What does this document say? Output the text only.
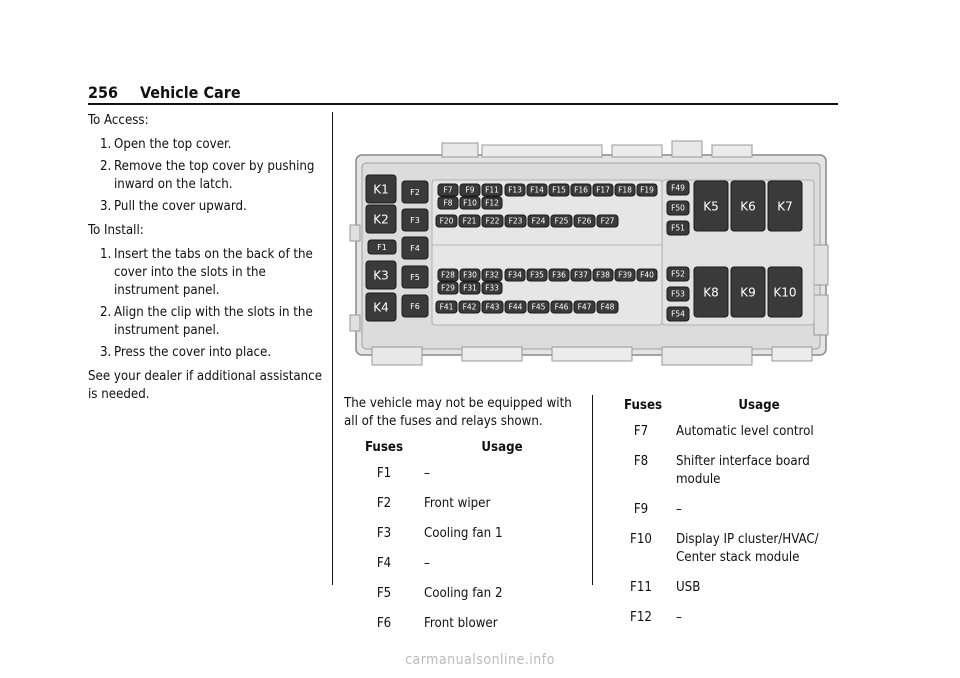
256 Vehicle Care

To Access:

1. Open the top cover.
2. Remove the top cover by pushing inward on the latch.
3. Pull the cover upward.

To Install:

1. Insert the tabs on the back of the cover into the slots in the instrument panel.
2. Align the clip with the slots in the instrument panel.
3. Press the cover into place.

See your dealer if additional assistance is needed.

K1
K2
K3
K4
F1
F2
F3
F4
F5
F6
F7 F9 F11 F13 F14 F15 F16 F17 F18 F19
F8 F10 F12
F20 F21 F22 F23 F24 F25 F26 F27
F28 F30 F32 F34 F35 F36 F37 F38 F39 F40
F29 F31 F33
F41 F42 F43 F44 F45 F46 F47 F48
F49
F50
F51
F52
F53
F54
K5 K6 K7
K8 K9 K10

The vehicle may not be equipped with all of the fuses and relays shown.

Fuses	Usage
F1	–
F2	Front wiper
F3	Cooling fan 1
F4	–
F5	Cooling fan 2
F6	Front blower
Fuses	Usage
F7	Automatic level control
F8	Shifter interface board module
F9	–
F10	Display IP cluster/HVAC/ Center stack module
F11	USB
F12	–
carmanualsonline.info
